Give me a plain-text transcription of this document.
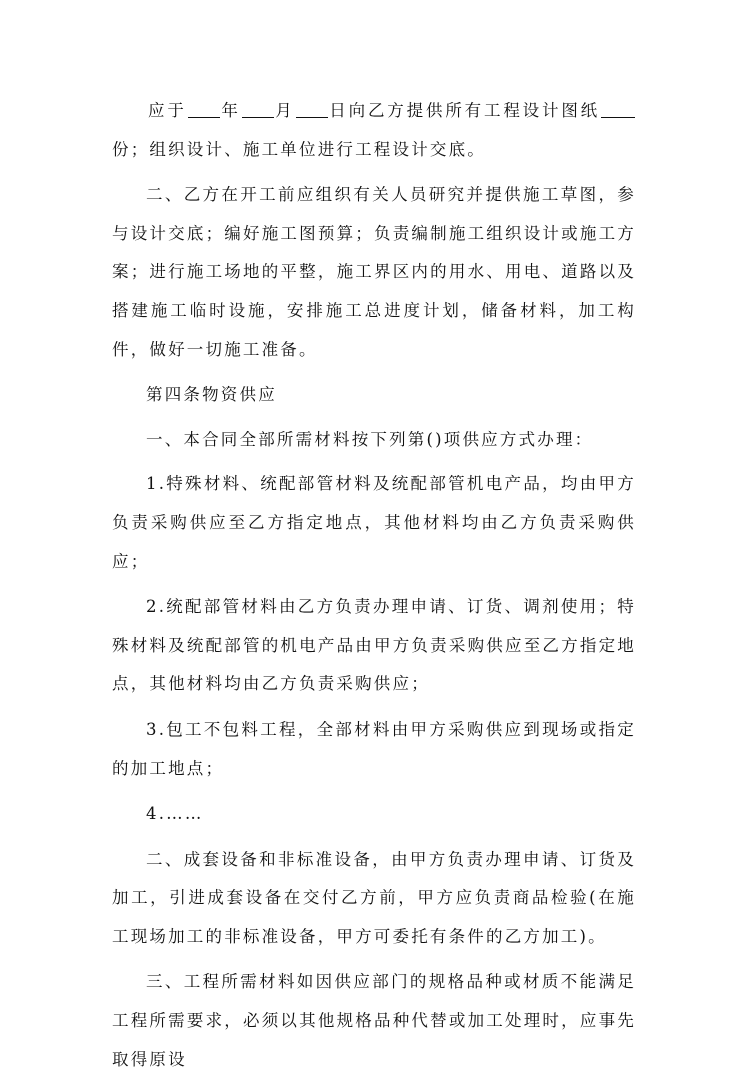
应于 年 月 日向乙方提供所有工程设计图纸份；组织设计、施工单位进行工程设计交底。

二、乙方在开工前应组织有关人员研究并提供施工草图，参与设计交底；编好施工图预算；负责编制施工组织设计或施工方案；进行施工场地的平整，施工界区内的用水、用电、道路以及搭建施工临时设施，安排施工总进度计划，储备材料，加工构件，做好一切施工准备。

第四条物资供应

一、本合同全部所需材料按下列第()项供应方式办理：

1.特殊材料、统配部管材料及统配部管机电产品，均由甲方负责采购供应至乙方指定地点，其他材料均由乙方负责采购供应；

2.统配部管材料由乙方负责办理申请、订货、调剂使用；特殊材料及统配部管的机电产品由甲方负责采购供应至乙方指定地点，其他材料均由乙方负责采购供应；

3.包工不包料工程，全部材料由甲方采购供应到现场或指定的加工地点；

4.……

二、成套设备和非标准设备，由甲方负责办理申请、订货及加工，引进成套设备在交付乙方前，甲方应负责商品检验(在施工现场加工的非标准设备，甲方可委托有条件的乙方加工)。

三、工程所需材料如因供应部门的规格品种或材质不能满足工程所需要求，必须以其他规格品种代替或加工处理时，应事先取得原设
